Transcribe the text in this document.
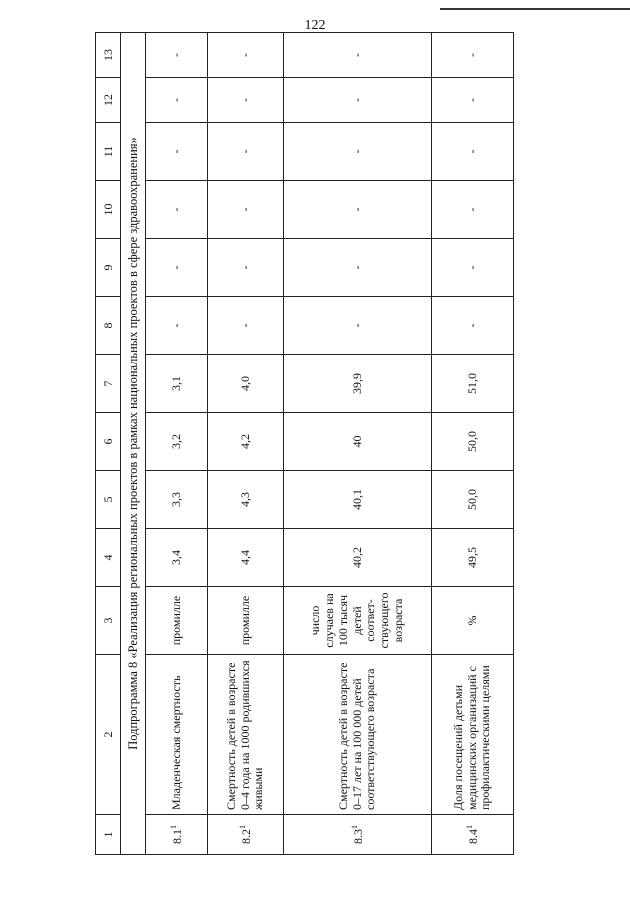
122
1	2	3	4	5	6	7	8	9	10	11	12	13
Подпрограмма 8 «Реализация региональных проектов в рамках национальных проектов в сфере здравоохранения»												
$8.1^1$	Младенческая смертность	промилле	3,4	3,3	3,2	3,1	-	-	-	-	-	-
$8.2^1$	Смертность детей в возрасте 0–4 года на 1000 родившихся живыми	промилле	4,4	4,3	4,2	4,0	-	-	-	-	-	-
$8.3^1$	Смертность детей в возрасте 0–17 лет на 100 000 детей соответствующего возраста	число случаев на 100 тысяч детей соответ-ствующего возраста	40,2	40,1	40	39,9	-	-	-	-	-	-
$8.4^1$	Доля посещений детьми медицинских организаций с профилактическими целями	%	49,5	50,0	50,0	51,0	-	-	-	-	-	-
